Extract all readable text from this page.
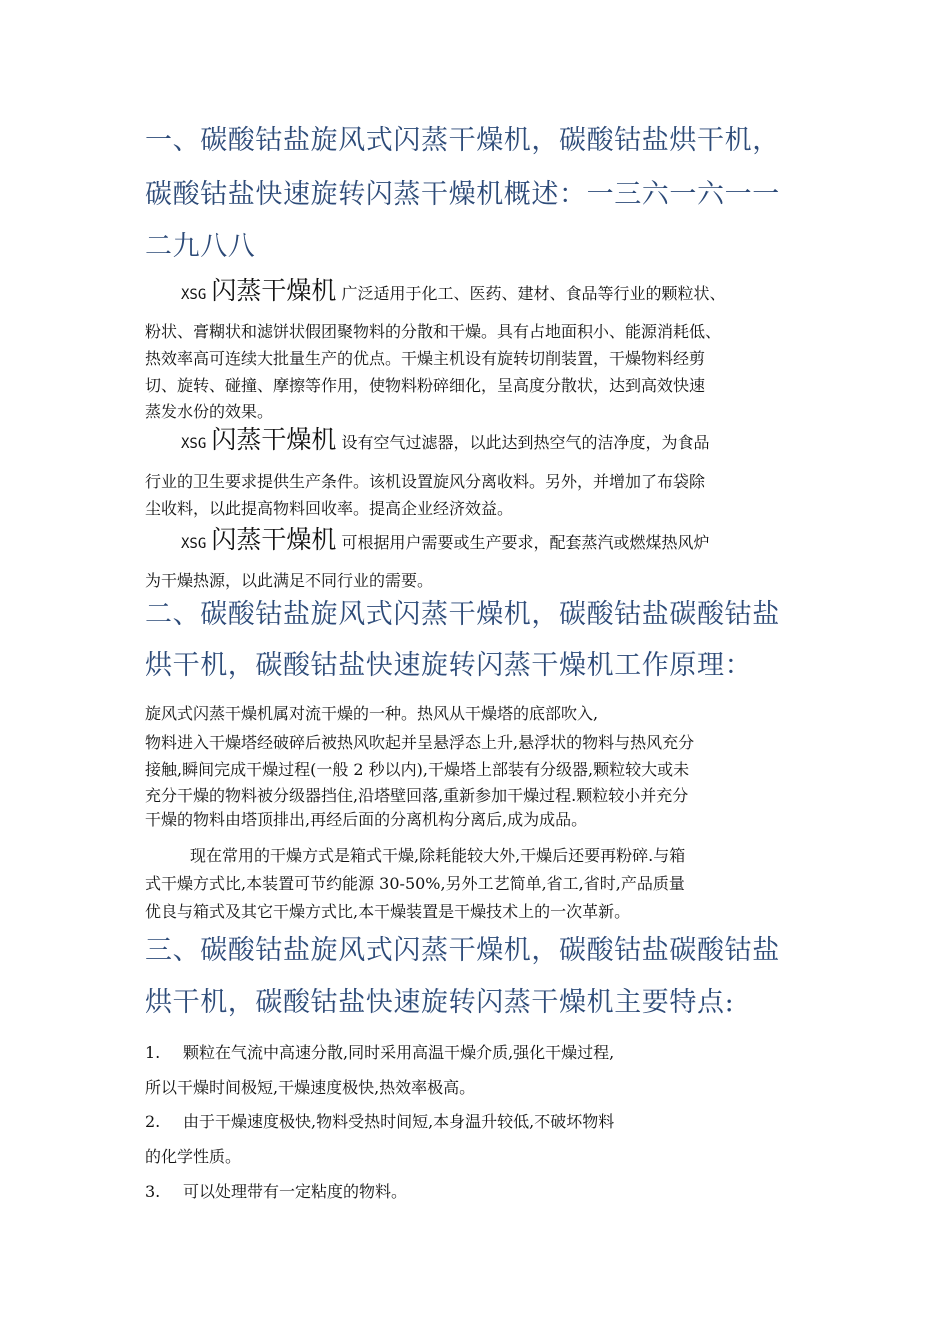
一、碳酸钴盐旋风式闪蒸干燥机，碳酸钴盐烘干机，
碳酸钴盐快速旋转闪蒸干燥机概述：一三六一六一一
二九八八
XSG 闪蒸干燥机 广泛适用于化工、医药、建材、食品等行业的颗粒状、
粉状、膏糊状和滤饼状假团聚物料的分散和干燥。具有占地面积小、能源消耗低、
热效率高可连续大批量生产的优点。干燥主机设有旋转切削装置，干燥物料经剪
切、旋转、碰撞、摩擦等作用，使物料粉碎细化，呈高度分散状，达到高效快速
蒸发水份的效果。
XSG 闪蒸干燥机 设有空气过滤器，以此达到热空气的洁净度，为食品
行业的卫生要求提供生产条件。该机设置旋风分离收料。另外，并增加了布袋除
尘收料，以此提高物料回收率。提高企业经济效益。
XSG 闪蒸干燥机 可根据用户需要或生产要求，配套蒸汽或燃煤热风炉
为干燥热源，以此满足不同行业的需要。
二、碳酸钴盐旋风式闪蒸干燥机，碳酸钴盐碳酸钴盐
烘干机，碳酸钴盐快速旋转闪蒸干燥机工作原理：
旋风式闪蒸干燥机属对流干燥的一种。热风从干燥塔的底部吹入,
物料进入干燥塔经破碎后被热风吹起并呈悬浮态上升,悬浮状的物料与热风充分
接触,瞬间完成干燥过程(一般 2 秒以内),干燥塔上部装有分级器,颗粒较大或未
充分干燥的物料被分级器挡住,沿塔壁回落,重新参加干燥过程.颗粒较小并充分
干燥的物料由塔顶排出,再经后面的分离机构分离后,成为成品。
现在常用的干燥方式是箱式干燥,除耗能较大外,干燥后还要再粉碎.与箱
式干燥方式比,本装置可节约能源 30-50%,另外工艺简单,省工,省时,产品质量
优良与箱式及其它干燥方式比,本干燥装置是干燥技术上的一次革新。
三、碳酸钴盐旋风式闪蒸干燥机，碳酸钴盐碳酸钴盐
烘干机，碳酸钴盐快速旋转闪蒸干燥机主要特点:
1. 颗粒在气流中高速分散,同时采用高温干燥介质,强化干燥过程,
所以干燥时间极短,干燥速度极快,热效率极高。
2. 由于干燥速度极快,物料受热时间短,本身温升较低,不破坏物料
的化学性质。
3. 可以处理带有一定粘度的物料。
